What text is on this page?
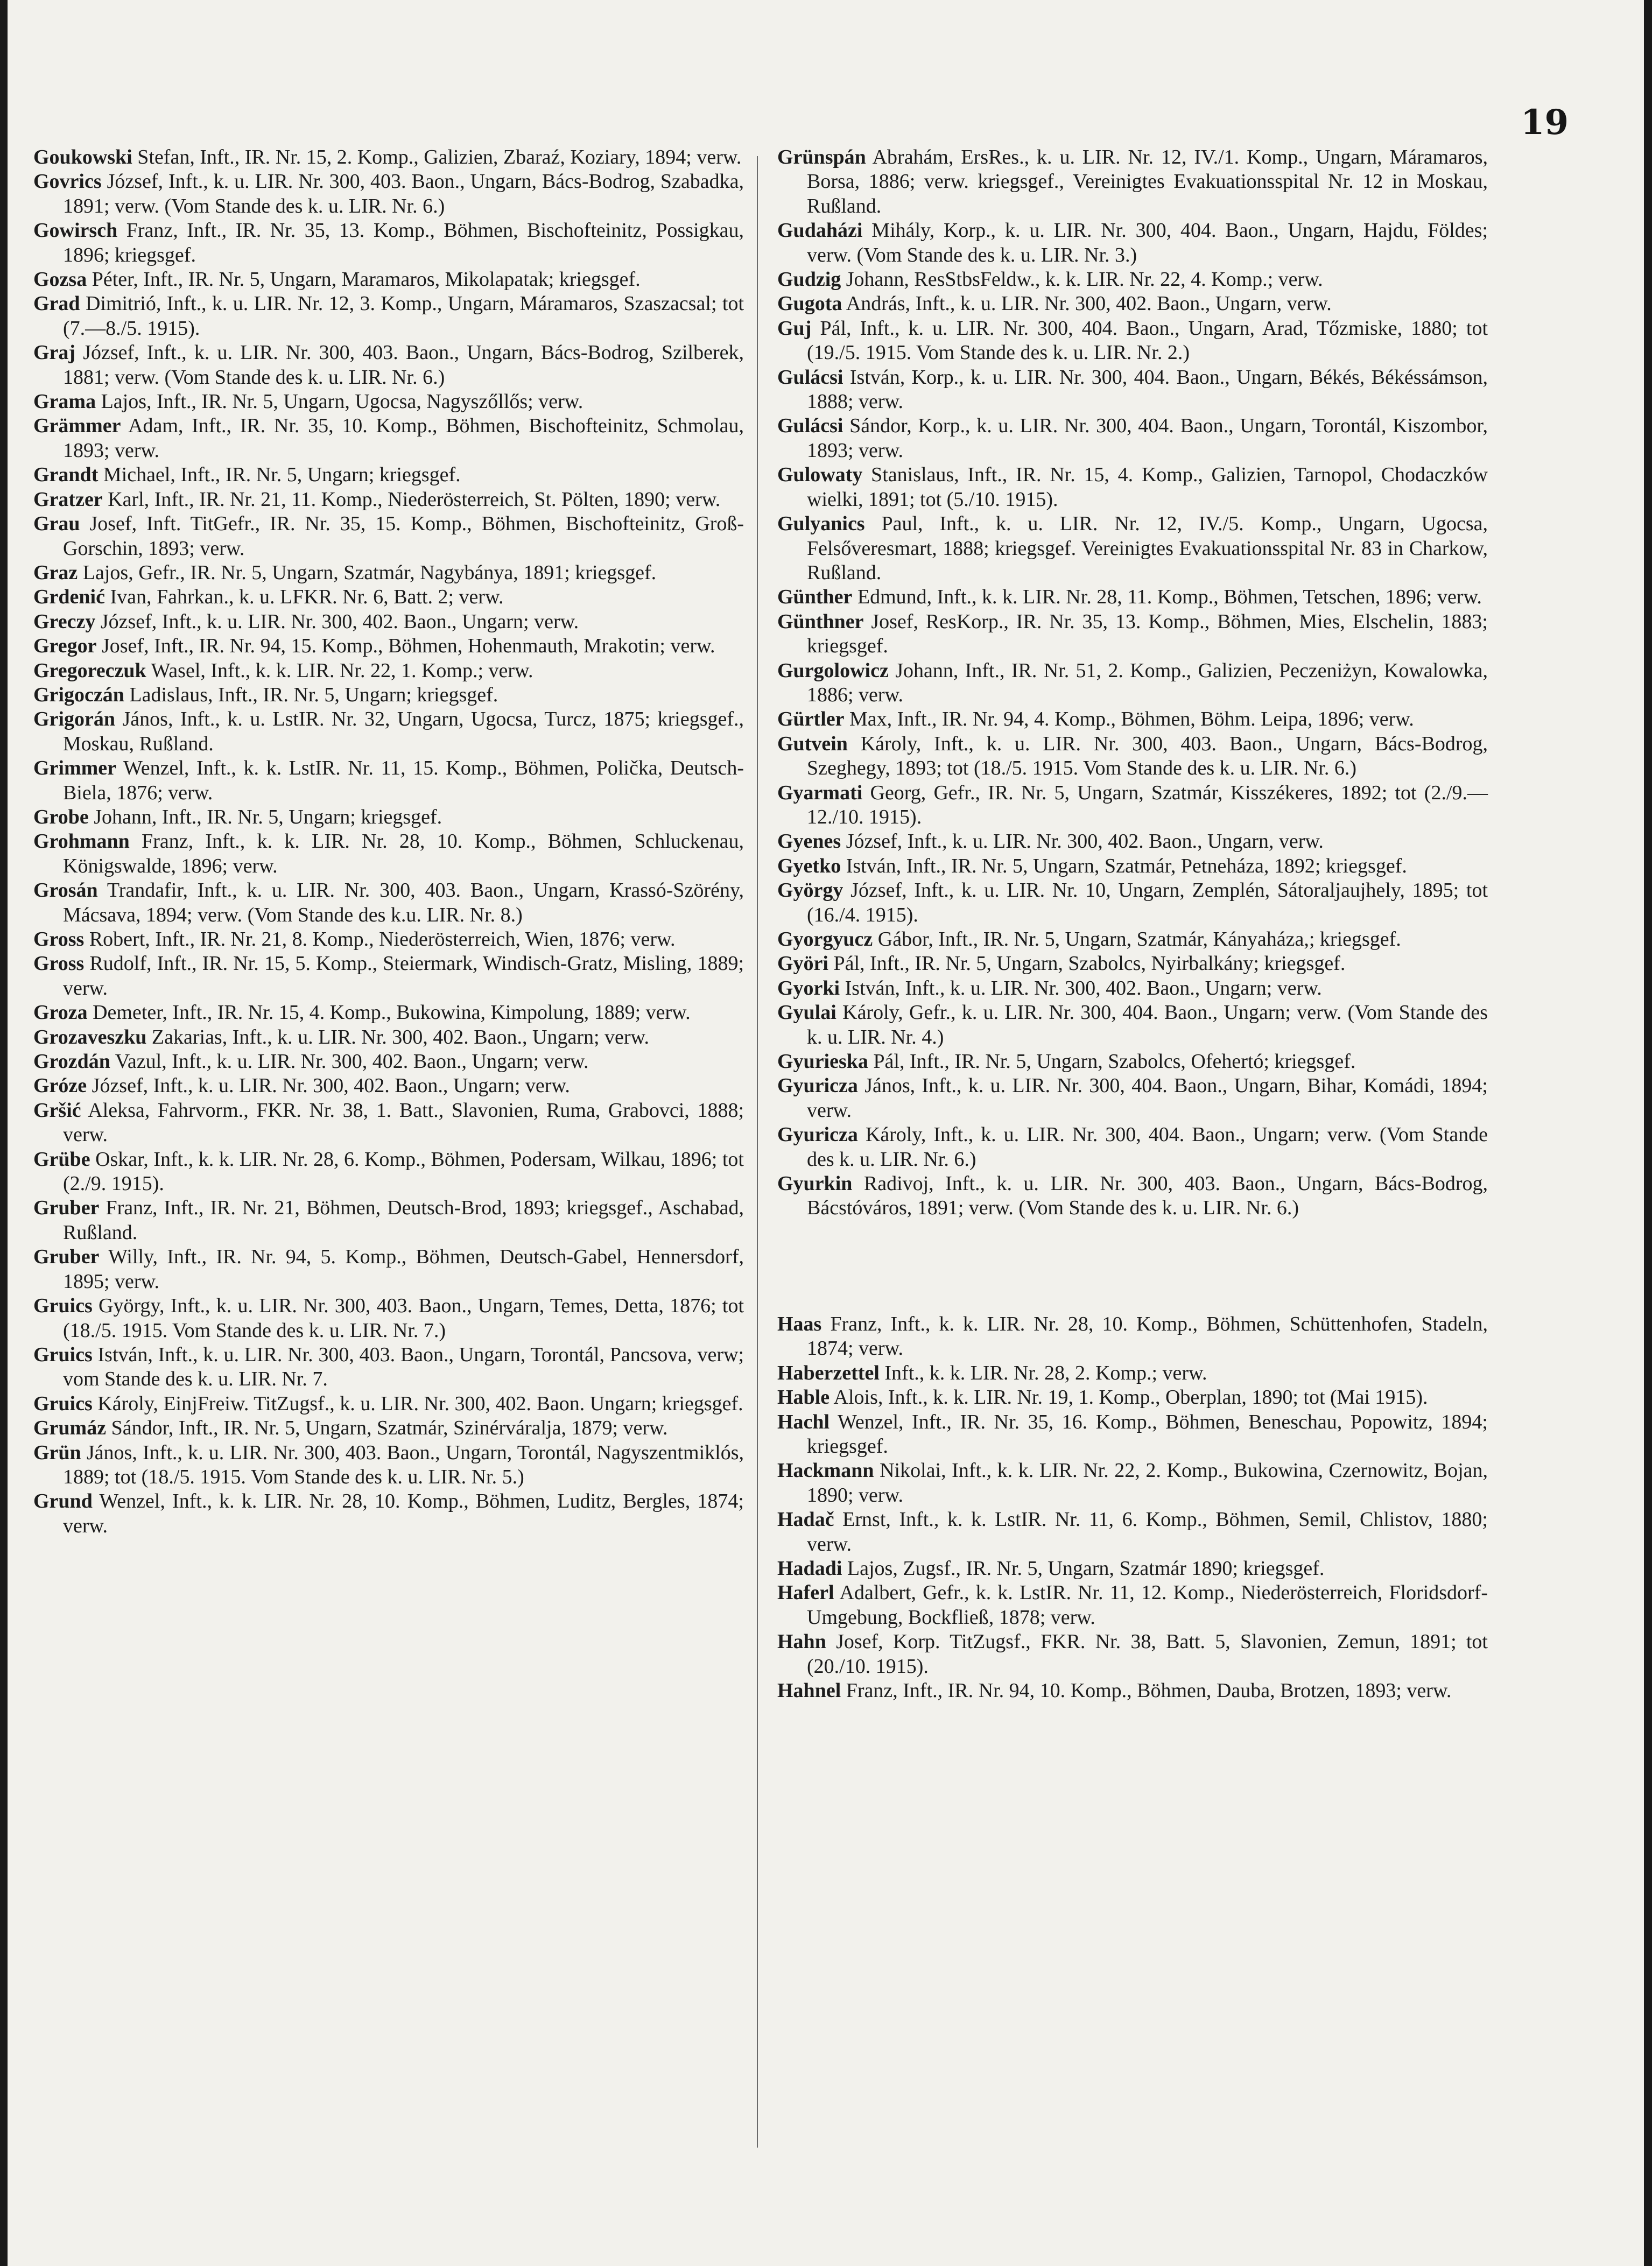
19
Goukowski Stefan, Inft., IR. Nr. 15, 2. Komp., Galizien, Zbaraź, Koziary, 1894; verw.
Govrics József, Inft., k. u. LIR. Nr. 300, 403. Baon., Ungarn, Bács-Bodrog, Szabadka, 1891; verw. (Vom Stande des k. u. LIR. Nr. 6.)
Gowirsch Franz, Inft., IR. Nr. 35, 13. Komp., Böhmen, Bischofteinitz, Possigkau, 1896; kriegsgef.
Gozsa Péter, Inft., IR. Nr. 5, Ungarn, Maramaros, Mikolapatak; kriegsgef.
Grad Dimitrió, Inft., k. u. LIR. Nr. 12, 3. Komp., Ungarn, Máramaros, Szaszacsal; tot (7.—8./5. 1915).
Graj József, Inft., k. u. LIR. Nr. 300, 403. Baon., Ungarn, Bács-Bodrog, Szilberek, 1881; verw. (Vom Stande des k. u. LIR. Nr. 6.)
Grama Lajos, Inft., IR. Nr. 5, Ungarn, Ugocsa, Nagyszőllős; verw.
Grämmer Adam, Inft., IR. Nr. 35, 10. Komp., Böhmen, Bischofteinitz, Schmolau, 1893; verw.
Grandt Michael, Inft., IR. Nr. 5, Ungarn; kriegsgef.
Gratzer Karl, Inft., IR. Nr. 21, 11. Komp., Niederösterreich, St. Pölten, 1890; verw.
Grau Josef, Inft. TitGefr., IR. Nr. 35, 15. Komp., Böhmen, Bischofteinitz, Groß-Gorschin, 1893; verw.
Graz Lajos, Gefr., IR. Nr. 5, Ungarn, Szatmár, Nagybánya, 1891; kriegsgef.
Grdenić Ivan, Fahrkan., k. u. LFKR. Nr. 6, Batt. 2; verw.
Greczy József, Inft., k. u. LIR. Nr. 300, 402. Baon., Ungarn; verw.
Gregor Josef, Inft., IR. Nr. 94, 15. Komp., Böhmen, Hohenmauth, Mrakotin; verw.
Gregoreczuk Wasel, Inft., k. k. LIR. Nr. 22, 1. Komp.; verw.
Grigoczán Ladislaus, Inft., IR. Nr. 5, Ungarn; kriegsgef.
Grigorán János, Inft., k. u. LstIR. Nr. 32, Ungarn, Ugocsa, Turcz, 1875; kriegsgef., Moskau, Rußland.
Grimmer Wenzel, Inft., k. k. LstIR. Nr. 11, 15. Komp., Böhmen, Polička, Deutsch-Biela, 1876; verw.
Grobe Johann, Inft., IR. Nr. 5, Ungarn; kriegsgef.
Grohmann Franz, Inft., k. k. LIR. Nr. 28, 10. Komp., Böhmen, Schluckenau, Königswalde, 1896; verw.
Grosán Trandafir, Inft., k. u. LIR. Nr. 300, 403. Baon., Ungarn, Krassó-Szörény, Mácsava, 1894; verw. (Vom Stande des k.u. LIR. Nr. 8.)
Gross Robert, Inft., IR. Nr. 21, 8. Komp., Niederösterreich, Wien, 1876; verw.
Gross Rudolf, Inft., IR. Nr. 15, 5. Komp., Steiermark, Windisch-Gratz, Misling, 1889; verw.
Groza Demeter, Inft., IR. Nr. 15, 4. Komp., Bukowina, Kimpolung, 1889; verw.
Grozaveszku Zakarias, Inft., k. u. LIR. Nr. 300, 402. Baon., Ungarn; verw.
Grozdán Vazul, Inft., k. u. LIR. Nr. 300, 402. Baon., Ungarn; verw.
Gróze József, Inft., k. u. LIR. Nr. 300, 402. Baon., Ungarn; verw.
Gršić Aleksa, Fahrvorm., FKR. Nr. 38, 1. Batt., Slavonien, Ruma, Grabovci, 1888; verw.
Grübe Oskar, Inft., k. k. LIR. Nr. 28, 6. Komp., Böhmen, Podersam, Wilkau, 1896; tot (2./9. 1915).
Gruber Franz, Inft., IR. Nr. 21, Böhmen, Deutsch-Brod, 1893; kriegsgef., Aschabad, Rußland.
Gruber Willy, Inft., IR. Nr. 94, 5. Komp., Böhmen, Deutsch-Gabel, Hennersdorf, 1895; verw.
Gruics György, Inft., k. u. LIR. Nr. 300, 403. Baon., Ungarn, Temes, Detta, 1876; tot (18./5. 1915. Vom Stande des k. u. LIR. Nr. 7.)
Gruics István, Inft., k. u. LIR. Nr. 300, 403. Baon., Ungarn, Torontál, Pancsova, verw; vom Stande des k. u. LIR. Nr. 7.
Gruics Károly, EinjFreiw. TitZugsf., k. u. LIR. Nr. 300, 402. Baon. Ungarn; kriegsgef.
Grumáz Sándor, Inft., IR. Nr. 5, Ungarn, Szatmár, Szinérváralja, 1879; verw.
Grün János, Inft., k. u. LIR. Nr. 300, 403. Baon., Ungarn, Torontál, Nagyszentmiklós, 1889; tot (18./5. 1915. Vom Stande des k. u. LIR. Nr. 5.)
Grund Wenzel, Inft., k. k. LIR. Nr. 28, 10. Komp., Böhmen, Luditz, Bergles, 1874; verw.
Grünspán Abrahám, ErsRes., k. u. LIR. Nr. 12, IV./1. Komp., Ungarn, Máramaros, Borsa, 1886; verw. kriegsgef., Vereinigtes Evakuationsspital Nr. 12 in Moskau, Rußland.
Gudaházi Mihály, Korp., k. u. LIR. Nr. 300, 404. Baon., Ungarn, Hajdu, Földes; verw. (Vom Stande des k. u. LIR. Nr. 3.)
Gudzig Johann, ResStbsFeldw., k. k. LIR. Nr. 22, 4. Komp.; verw.
Gugota András, Inft., k. u. LIR. Nr. 300, 402. Baon., Ungarn, verw.
Guj Pál, Inft., k. u. LIR. Nr. 300, 404. Baon., Ungarn, Arad, Tőzmiske, 1880; tot (19./5. 1915. Vom Stande des k. u. LIR. Nr. 2.)
Gulácsi István, Korp., k. u. LIR. Nr. 300, 404. Baon., Ungarn, Békés, Békéssámson, 1888; verw.
Gulácsi Sándor, Korp., k. u. LIR. Nr. 300, 404. Baon., Ungarn, Torontál, Kiszombor, 1893; verw.
Gulowaty Stanislaus, Inft., IR. Nr. 15, 4. Komp., Galizien, Tarnopol, Chodaczków wielki, 1891; tot (5./10. 1915).
Gulyanics Paul, Inft., k. u. LIR. Nr. 12, IV./5. Komp., Ungarn, Ugocsa, Felsőveresmart, 1888; kriegsgef. Vereinigtes Evakuationsspital Nr. 83 in Charkow, Rußland.
Günther Edmund, Inft., k. k. LIR. Nr. 28, 11. Komp., Böhmen, Tetschen, 1896; verw.
Günthner Josef, ResKorp., IR. Nr. 35, 13. Komp., Böhmen, Mies, Elschelin, 1883; kriegsgef.
Gurgolowicz Johann, Inft., IR. Nr. 51, 2. Komp., Galizien, Peczeniżyn, Kowalowka, 1886; verw.
Gürtler Max, Inft., IR. Nr. 94, 4. Komp., Böhmen, Böhm. Leipa, 1896; verw.
Gutvein Károly, Inft., k. u. LIR. Nr. 300, 403. Baon., Ungarn, Bács-Bodrog, Szeghegy, 1893; tot (18./5. 1915. Vom Stande des k. u. LIR. Nr. 6.)
Gyarmati Georg, Gefr., IR. Nr. 5, Ungarn, Szatmár, Kisszékeres, 1892; tot (2./9.—12./10. 1915).
Gyenes József, Inft., k. u. LIR. Nr. 300, 402. Baon., Ungarn, verw.
Gyetko István, Inft., IR. Nr. 5, Ungarn, Szatmár, Petneháza, 1892; kriegsgef.
György József, Inft., k. u. LIR. Nr. 10, Ungarn, Zemplén, Sátoraljaujhely, 1895; tot (16./4. 1915).
Gyorgyucz Gábor, Inft., IR. Nr. 5, Ungarn, Szatmár, Kányaháza,; kriegsgef.
Györi Pál, Inft., IR. Nr. 5, Ungarn, Szabolcs, Nyirbalkány; kriegsgef.
Gyorki István, Inft., k. u. LIR. Nr. 300, 402. Baon., Ungarn; verw.
Gyulai Károly, Gefr., k. u. LIR. Nr. 300, 404. Baon., Ungarn; verw. (Vom Stande des k. u. LIR. Nr. 4.)
Gyurieska Pál, Inft., IR. Nr. 5, Ungarn, Szabolcs, Ofehertó; kriegsgef.
Gyuricza János, Inft., k. u. LIR. Nr. 300, 404. Baon., Ungarn, Bihar, Komádi, 1894; verw.
Gyuricza Károly, Inft., k. u. LIR. Nr. 300, 404. Baon., Ungarn; verw. (Vom Stande des k. u. LIR. Nr. 6.)
Gyurkin Radivoj, Inft., k. u. LIR. Nr. 300, 403. Baon., Ungarn, Bács-Bodrog, Bácstóváros, 1891; verw. (Vom Stande des k. u. LIR. Nr. 6.)
Haas Franz, Inft., k. k. LIR. Nr. 28, 10. Komp., Böhmen, Schüttenhofen, Stadeln, 1874; verw.
Haberzettel Inft., k. k. LIR. Nr. 28, 2. Komp.; verw.
Hable Alois, Inft., k. k. LIR. Nr. 19, 1. Komp., Oberplan, 1890; tot (Mai 1915).
Hachl Wenzel, Inft., IR. Nr. 35, 16. Komp., Böhmen, Beneschau, Popowitz, 1894; kriegsgef.
Hackmann Nikolai, Inft., k. k. LIR. Nr. 22, 2. Komp., Bukowina, Czernowitz, Bojan, 1890; verw.
Hadač Ernst, Inft., k. k. LstIR. Nr. 11, 6. Komp., Böhmen, Semil, Chlistov, 1880; verw.
Hadadi Lajos, Zugsf., IR. Nr. 5, Ungarn, Szatmár 1890; kriegsgef.
Haferl Adalbert, Gefr., k. k. LstIR. Nr. 11, 12. Komp., Niederösterreich, Floridsdorf-Umgebung, Bockfließ, 1878; verw.
Hahn Josef, Korp. TitZugsf., FKR. Nr. 38, Batt. 5, Slavonien, Zemun, 1891; tot (20./10. 1915).
Hahnel Franz, Inft., IR. Nr. 94, 10. Komp., Böhmen, Dauba, Brotzen, 1893; verw.
